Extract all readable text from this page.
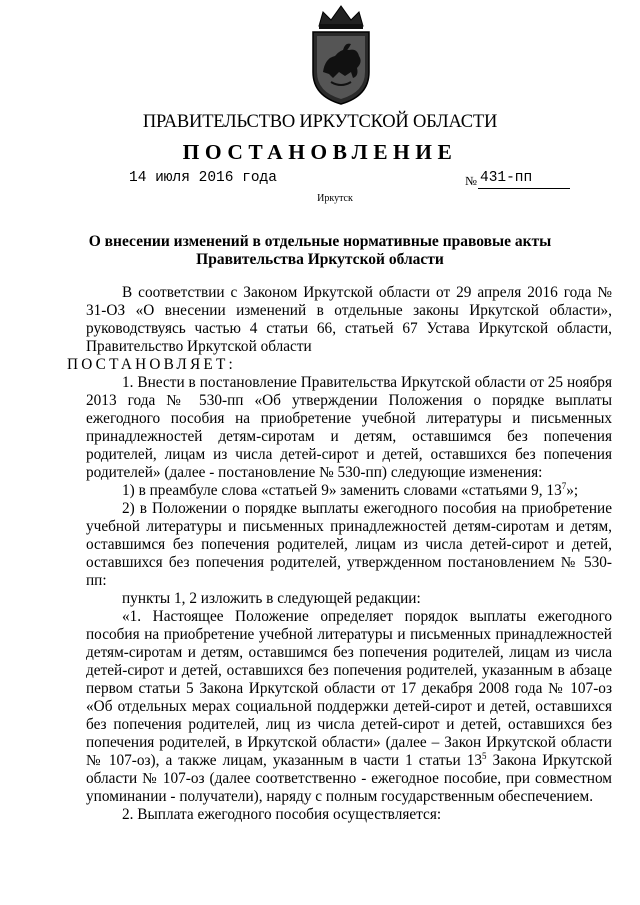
ПРАВИТЕЛЬСТВО ИРКУТСКОЙ ОБЛАСТИ
ПОСТАНОВЛЕНИЕ
14 июля 2016 года	№ 431-пп
Иркутск
О внесении изменений в отдельные нормативные правовые акты
Правительства Иркутской области

В соответствии с Законом Иркутской области от 29 апреля 2016 года № 31-ОЗ «О внесении изменений в отдельные законы Иркутской области», руководствуясь частью 4 статьи 66, статьей 67 Устава Иркутской области, Правительство Иркутской области

ПОСТАНОВЛЯЕТ:

1. Внести в постановление Правительства Иркутской области от 25 ноября 2013 года № 530-пп «Об утверждении Положения о порядке выплаты ежегодного пособия на приобретение учебной литературы и письменных принадлежностей детям-сиротам и детям, оставшимся без попечения родителей, лицам из числа детей-сирот и детей, оставшихся без попечения родителей» (далее - постановление № 530-пп) следующие изменения:

1) в преамбуле слова «статьей 9» заменить словами «статьями 9, $13^7$»;

2) в Положении о порядке выплаты ежегодного пособия на приобретение учебной литературы и письменных принадлежностей детям-сиротам и детям, оставшимся без попечения родителей, лицам из числа детей-сирот и детей, оставшихся без попечения родителей, утвержденном постановлением № 530-пп:

пункты 1, 2 изложить в следующей редакции:

«1. Настоящее Положение определяет порядок выплаты ежегодного пособия на приобретение учебной литературы и письменных принадлежностей детям-сиротам и детям, оставшимся без попечения родителей, лицам из числа детей-сирот и детей, оставшихся без попечения родителей, указанным в абзаце первом статьи 5 Закона Иркутской области от 17 декабря 2008 года № 107-оз «Об отдельных мерах социальной поддержки детей-сирот и детей, оставшихся без попечения родителей, лиц из числа детей-сирот и детей, оставшихся без попечения родителей, в Иркутской области» (далее – Закон Иркутской области № 107-оз), а также лицам, указанным в части 1 статьи $13^5$ Закона Иркутской области № 107-оз (далее соответственно - ежегодное пособие, при совместном упоминании - получатели), наряду с полным государственным обеспечением.

2. Выплата ежегодного пособия осуществляется:
